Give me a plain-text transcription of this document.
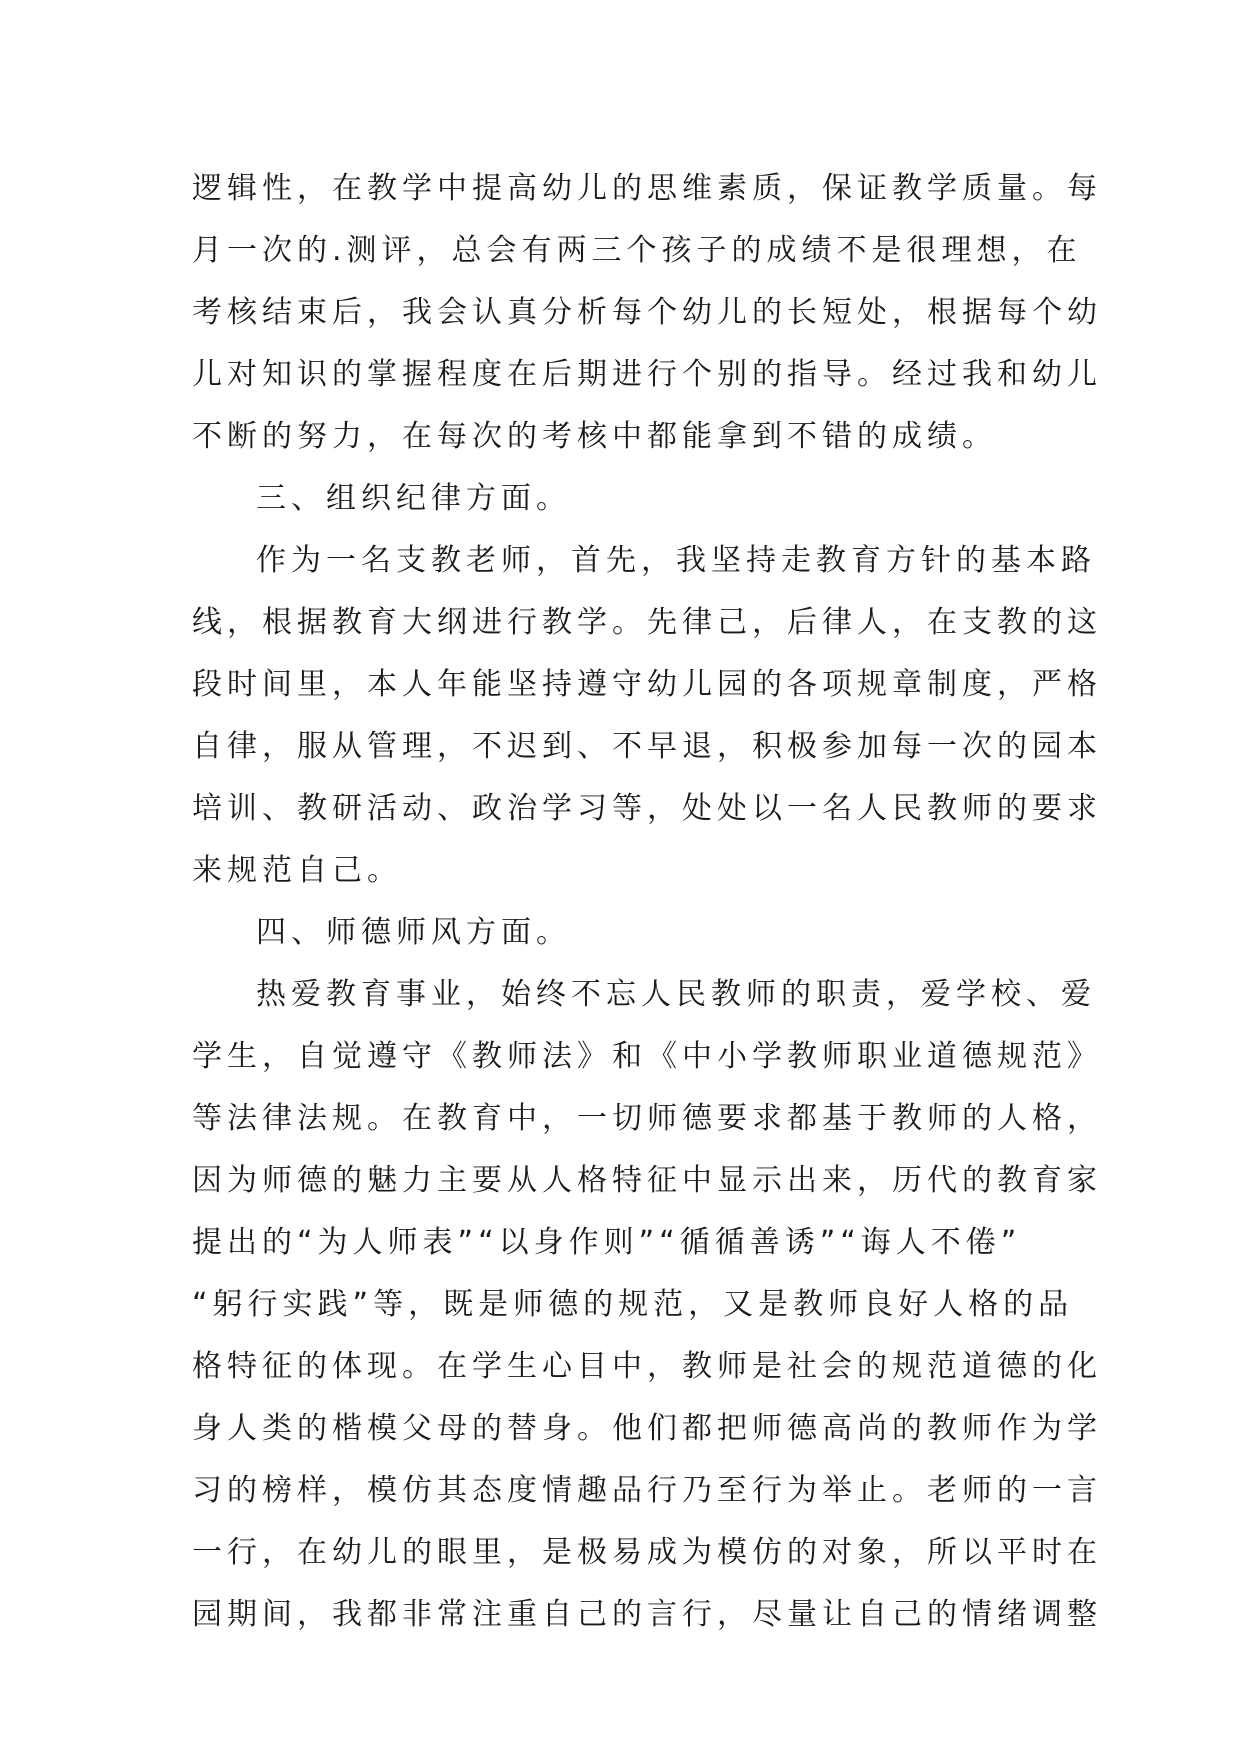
逻辑性，在教学中提高幼儿的思维素质，保证教学质量。每
月一次的.测评，总会有两三个孩子的成绩不是很理想，在
考核结束后，我会认真分析每个幼儿的长短处，根据每个幼
儿对知识的掌握程度在后期进行个别的指导。经过我和幼儿
不断的努力，在每次的考核中都能拿到不错的成绩。
三、组织纪律方面。
作为一名支教老师，首先，我坚持走教育方针的基本路
线，根据教育大纲进行教学。先律己，后律人，在支教的这
段时间里，本人年能坚持遵守幼儿园的各项规章制度，严格
自律，服从管理，不迟到、不早退，积极参加每一次的园本
培训、教研活动、政治学习等，处处以一名人民教师的要求
来规范自己。
四、师德师风方面。
热爱教育事业，始终不忘人民教师的职责，爱学校、爱
学生，自觉遵守《教师法》和《中小学教师职业道德规范》
等法律法规。在教育中，一切师德要求都基于教师的人格，
因为师德的魅力主要从人格特征中显示出来，历代的教育家
提出的“为人师表”“以身作则”“循循善诱”“诲人不倦”
“躬行实践”等，既是师德的规范，又是教师良好人格的品
格特征的体现。在学生心目中，教师是社会的规范道德的化
身人类的楷模父母的替身。他们都把师德高尚的教师作为学
习的榜样，模仿其态度情趣品行乃至行为举止。老师的一言
一行，在幼儿的眼里，是极易成为模仿的对象，所以平时在
园期间，我都非常注重自己的言行，尽量让自己的情绪调整
